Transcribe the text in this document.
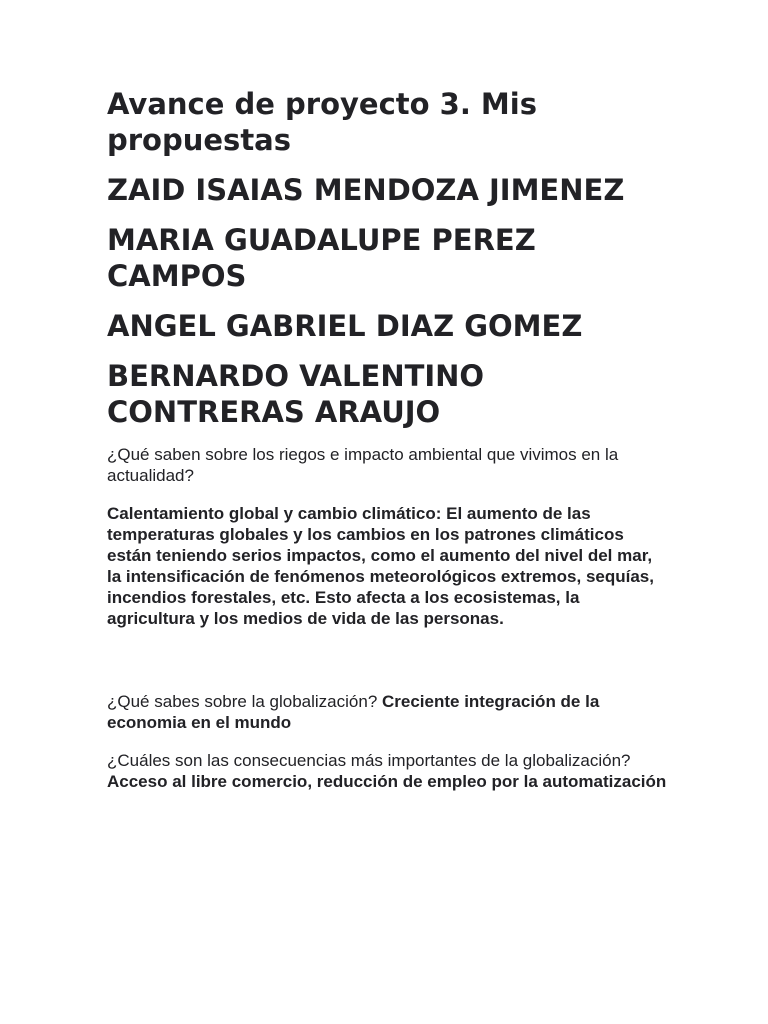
Avance de proyecto 3. Mis propuestas
ZAID ISAIAS MENDOZA JIMENEZ
MARIA GUADALUPE PEREZ CAMPOS
ANGEL GABRIEL DIAZ GOMEZ
BERNARDO VALENTINO CONTRERAS ARAUJO

¿Qué saben sobre los riegos e impacto ambiental que vivimos en la actualidad?

Calentamiento global y cambio climático: El aumento de las temperaturas globales y los cambios en los patrones climáticos están teniendo serios impactos, como el aumento del nivel del mar, la intensificación de fenómenos meteorológicos extremos, sequías, incendios forestales, etc. Esto afecta a los ecosistemas, la agricultura y los medios de vida de las personas.

¿Qué sabes sobre la globalización? Creciente integración de la economia en el mundo

¿Cuáles son las consecuencias más importantes de la globalización? Acceso al libre comercio, reducción de empleo por la automatización
